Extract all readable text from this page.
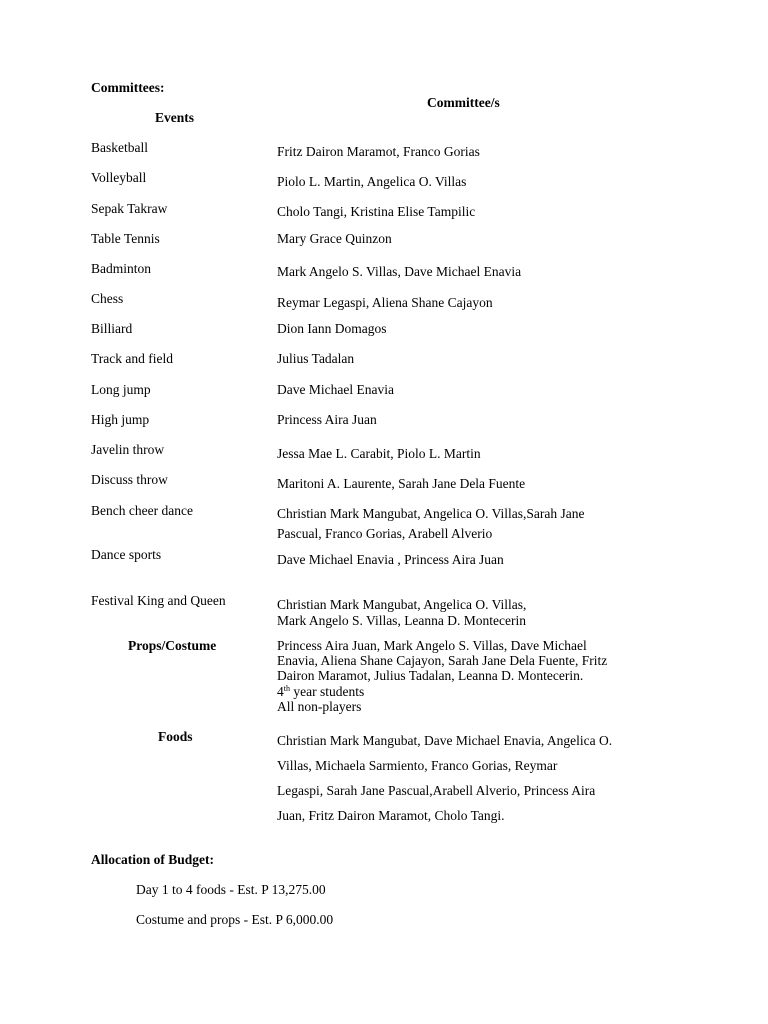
Committees:
Committee/s
Events
Basketball	Fritz Dairon Maramot, Franco Gorias
Volleyball	Piolo L. Martin, Angelica O. Villas
Sepak Takraw	Cholo Tangi, Kristina Elise Tampilic
Table Tennis	Mary Grace Quinzon
Badminton	Mark Angelo S. Villas, Dave Michael Enavia
Chess	Reymar Legaspi, Aliena Shane Cajayon
Billiard	Dion Iann Domagos
Track and field	Julius Tadalan
Long jump	Dave Michael Enavia
High jump	Princess Aira Juan
Javelin throw	Jessa Mae L. Carabit, Piolo L. Martin
Discuss throw	Maritoni A. Laurente, Sarah Jane Dela Fuente
Bench cheer dance	Christian Mark Mangubat, Angelica O. Villas,Sarah Jane
Pascual, Franco Gorias, Arabell Alverio
Dance sports	Dave Michael Enavia , Princess Aira Juan
Festival King and Queen	Christian Mark Mangubat, Angelica O. Villas,
Mark Angelo S. Villas, Leanna D. Montecerin
Props/Costume	Princess Aira Juan, Mark Angelo S. Villas, Dave Michael
Enavia, Aliena Shane Cajayon, Sarah Jane Dela Fuente, Fritz
Dairon Maramot, Julius Tadalan, Leanna D. Montecerin.
4th year students
All non-players
Foods	Christian Mark Mangubat, Dave Michael Enavia, Angelica O.
Villas, Michaela Sarmiento, Franco Gorias, Reymar
Legaspi, Sarah Jane Pascual,Arabell Alverio, Princess Aira
Juan, Fritz Dairon Maramot, Cholo Tangi.
Allocation of Budget:
Day 1 to 4 foods - Est. P 13,275.00
Costume and props - Est. P 6,000.00
